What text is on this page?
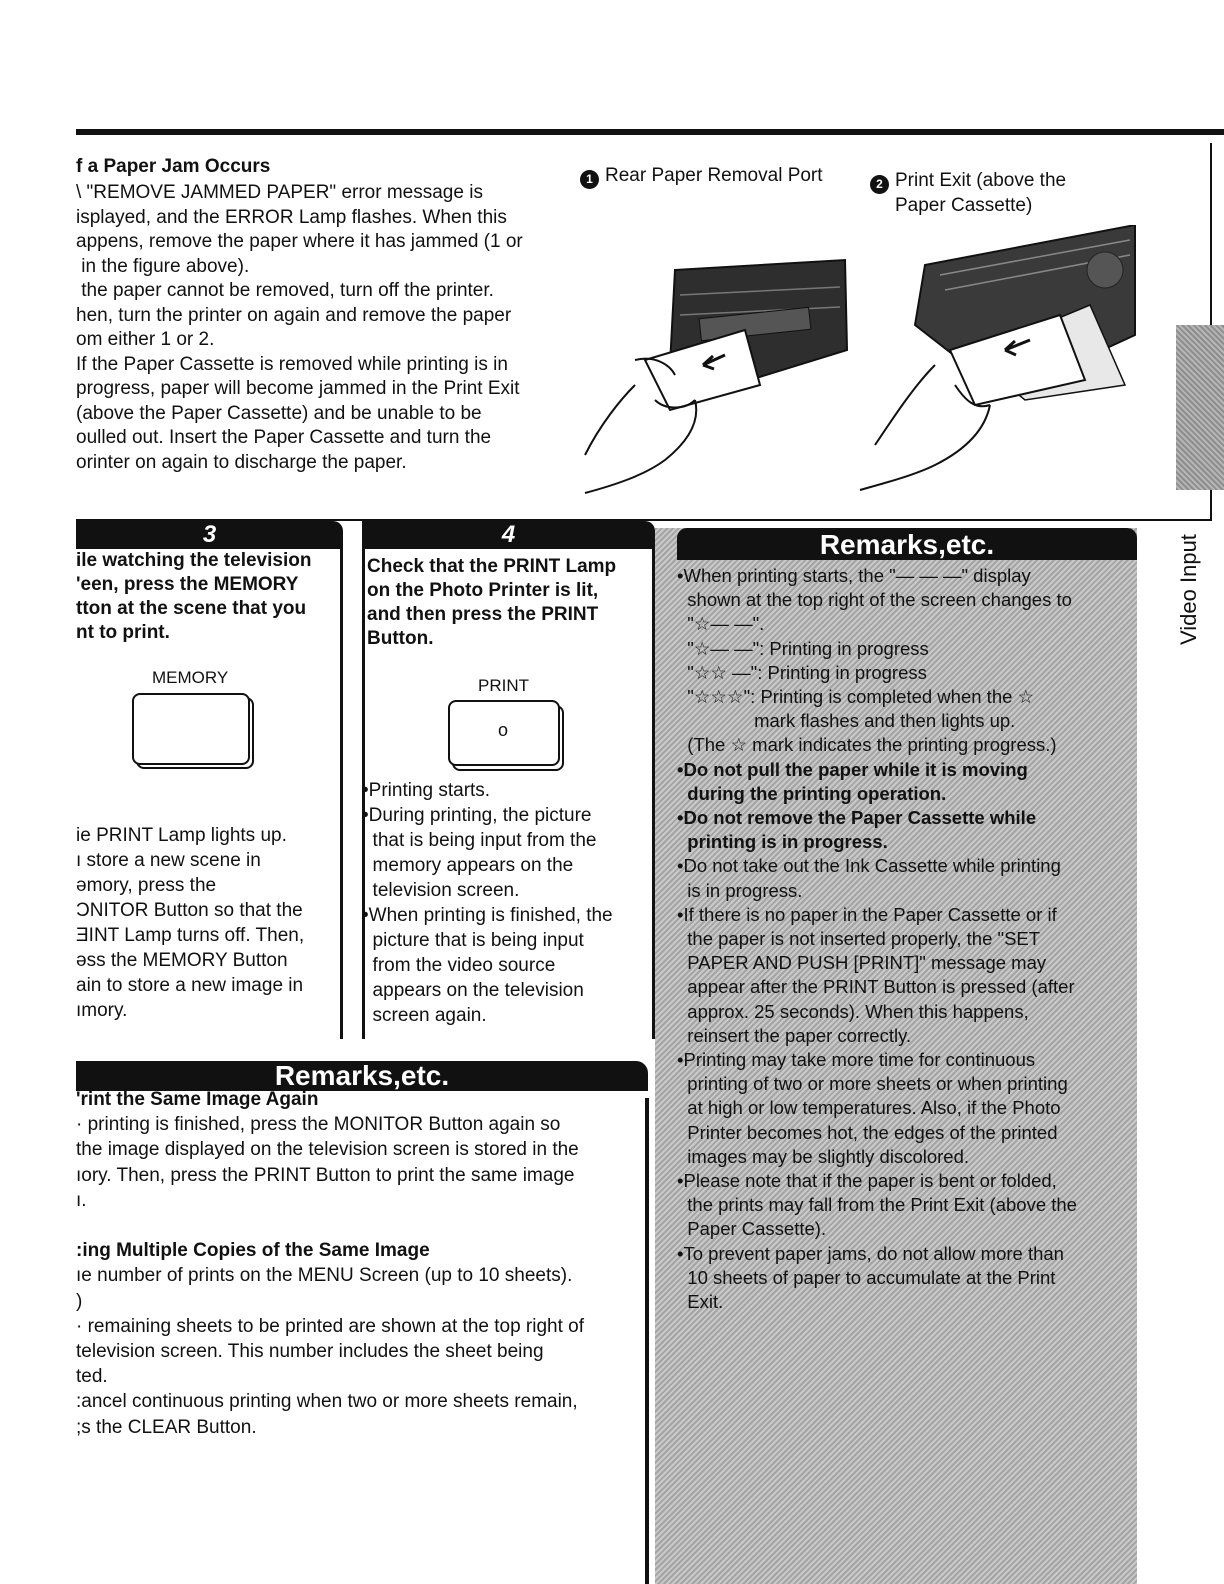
f a Paper Jam Occurs
\ "REMOVE JAMMED PAPER" error message is
isplayed, and the ERROR Lamp flashes. When this
appens, remove the paper where it has jammed (1 or
in the figure above).
the paper cannot be removed, turn off the printer.
hen, turn the printer on again and remove the paper
om either 1 or 2.
If the Paper Cassette is removed while printing is in
progress, paper will become jammed in the Print Exit
(above the Paper Cassette) and be unable to be
oulled out. Insert the Paper Cassette and turn the
orinter on again to discharge the paper.
1 Rear Paper Removal Port	2 Print Exit (above the
Paper Cassette)
Video Input
3
ile watching the television
'een, press the MEMORY
tton at the scene that you
nt to print.
MEMORY
ie PRINT Lamp lights up.
ı store a new scene in
əmory, press the
ƆNITOR Button so that the
ƎINT Lamp turns off. Then,
əss the MEMORY Button
ain to store a new image in
ımory.
4
Check that the PRINT Lamp
on the Photo Printer is lit,
and then press the PRINT
Button.
PRINT
o
•Printing starts.
•During printing, the picture
that is being input from the
memory appears on the
television screen.
•When printing is finished, the
picture that is being input
from the video source
appears on the television
screen again.
Remarks,etc.
•When printing starts, the "— — —" display
shown at the top right of the screen changes to
"☆— —".
"☆— —": Printing in progress
"☆☆ —": Printing in progress
"☆☆☆": Printing is completed when the ☆
mark flashes and then lights up.
(The ☆ mark indicates the printing progress.)
•Do not pull the paper while it is moving
during the printing operation.
•Do not remove the Paper Cassette while
printing is in progress.
•Do not take out the Ink Cassette while printing
is in progress.
•If there is no paper in the Paper Cassette or if
the paper is not inserted properly, the "SET
PAPER AND PUSH [PRINT]" message may
appear after the PRINT Button is pressed (after
approx. 25 seconds). When this happens,
reinsert the paper correctly.
•Printing may take more time for continuous
printing of two or more sheets or when printing
at high or low temperatures. Also, if the Photo
Printer becomes hot, the edges of the printed
images may be slightly discolored.
•Please note that if the paper is bent or folded,
the prints may fall from the Print Exit (above the
Paper Cassette).
•To prevent paper jams, do not allow more than
10 sheets of paper to accumulate at the Print
Exit.
Remarks,etc.
'rint the Same Image Again
· printing is finished, press the MONITOR Button again so
the image displayed on the television screen is stored in the
ıory. Then, press the PRINT Button to print the same image
ı.
:ing Multiple Copies of the Same Image
ıe number of prints on the MENU Screen (up to 10 sheets).
)
· remaining sheets to be printed are shown at the top right of
television screen. This number includes the sheet being
ted.
:ancel continuous printing when two or more sheets remain,
;s the CLEAR Button.
